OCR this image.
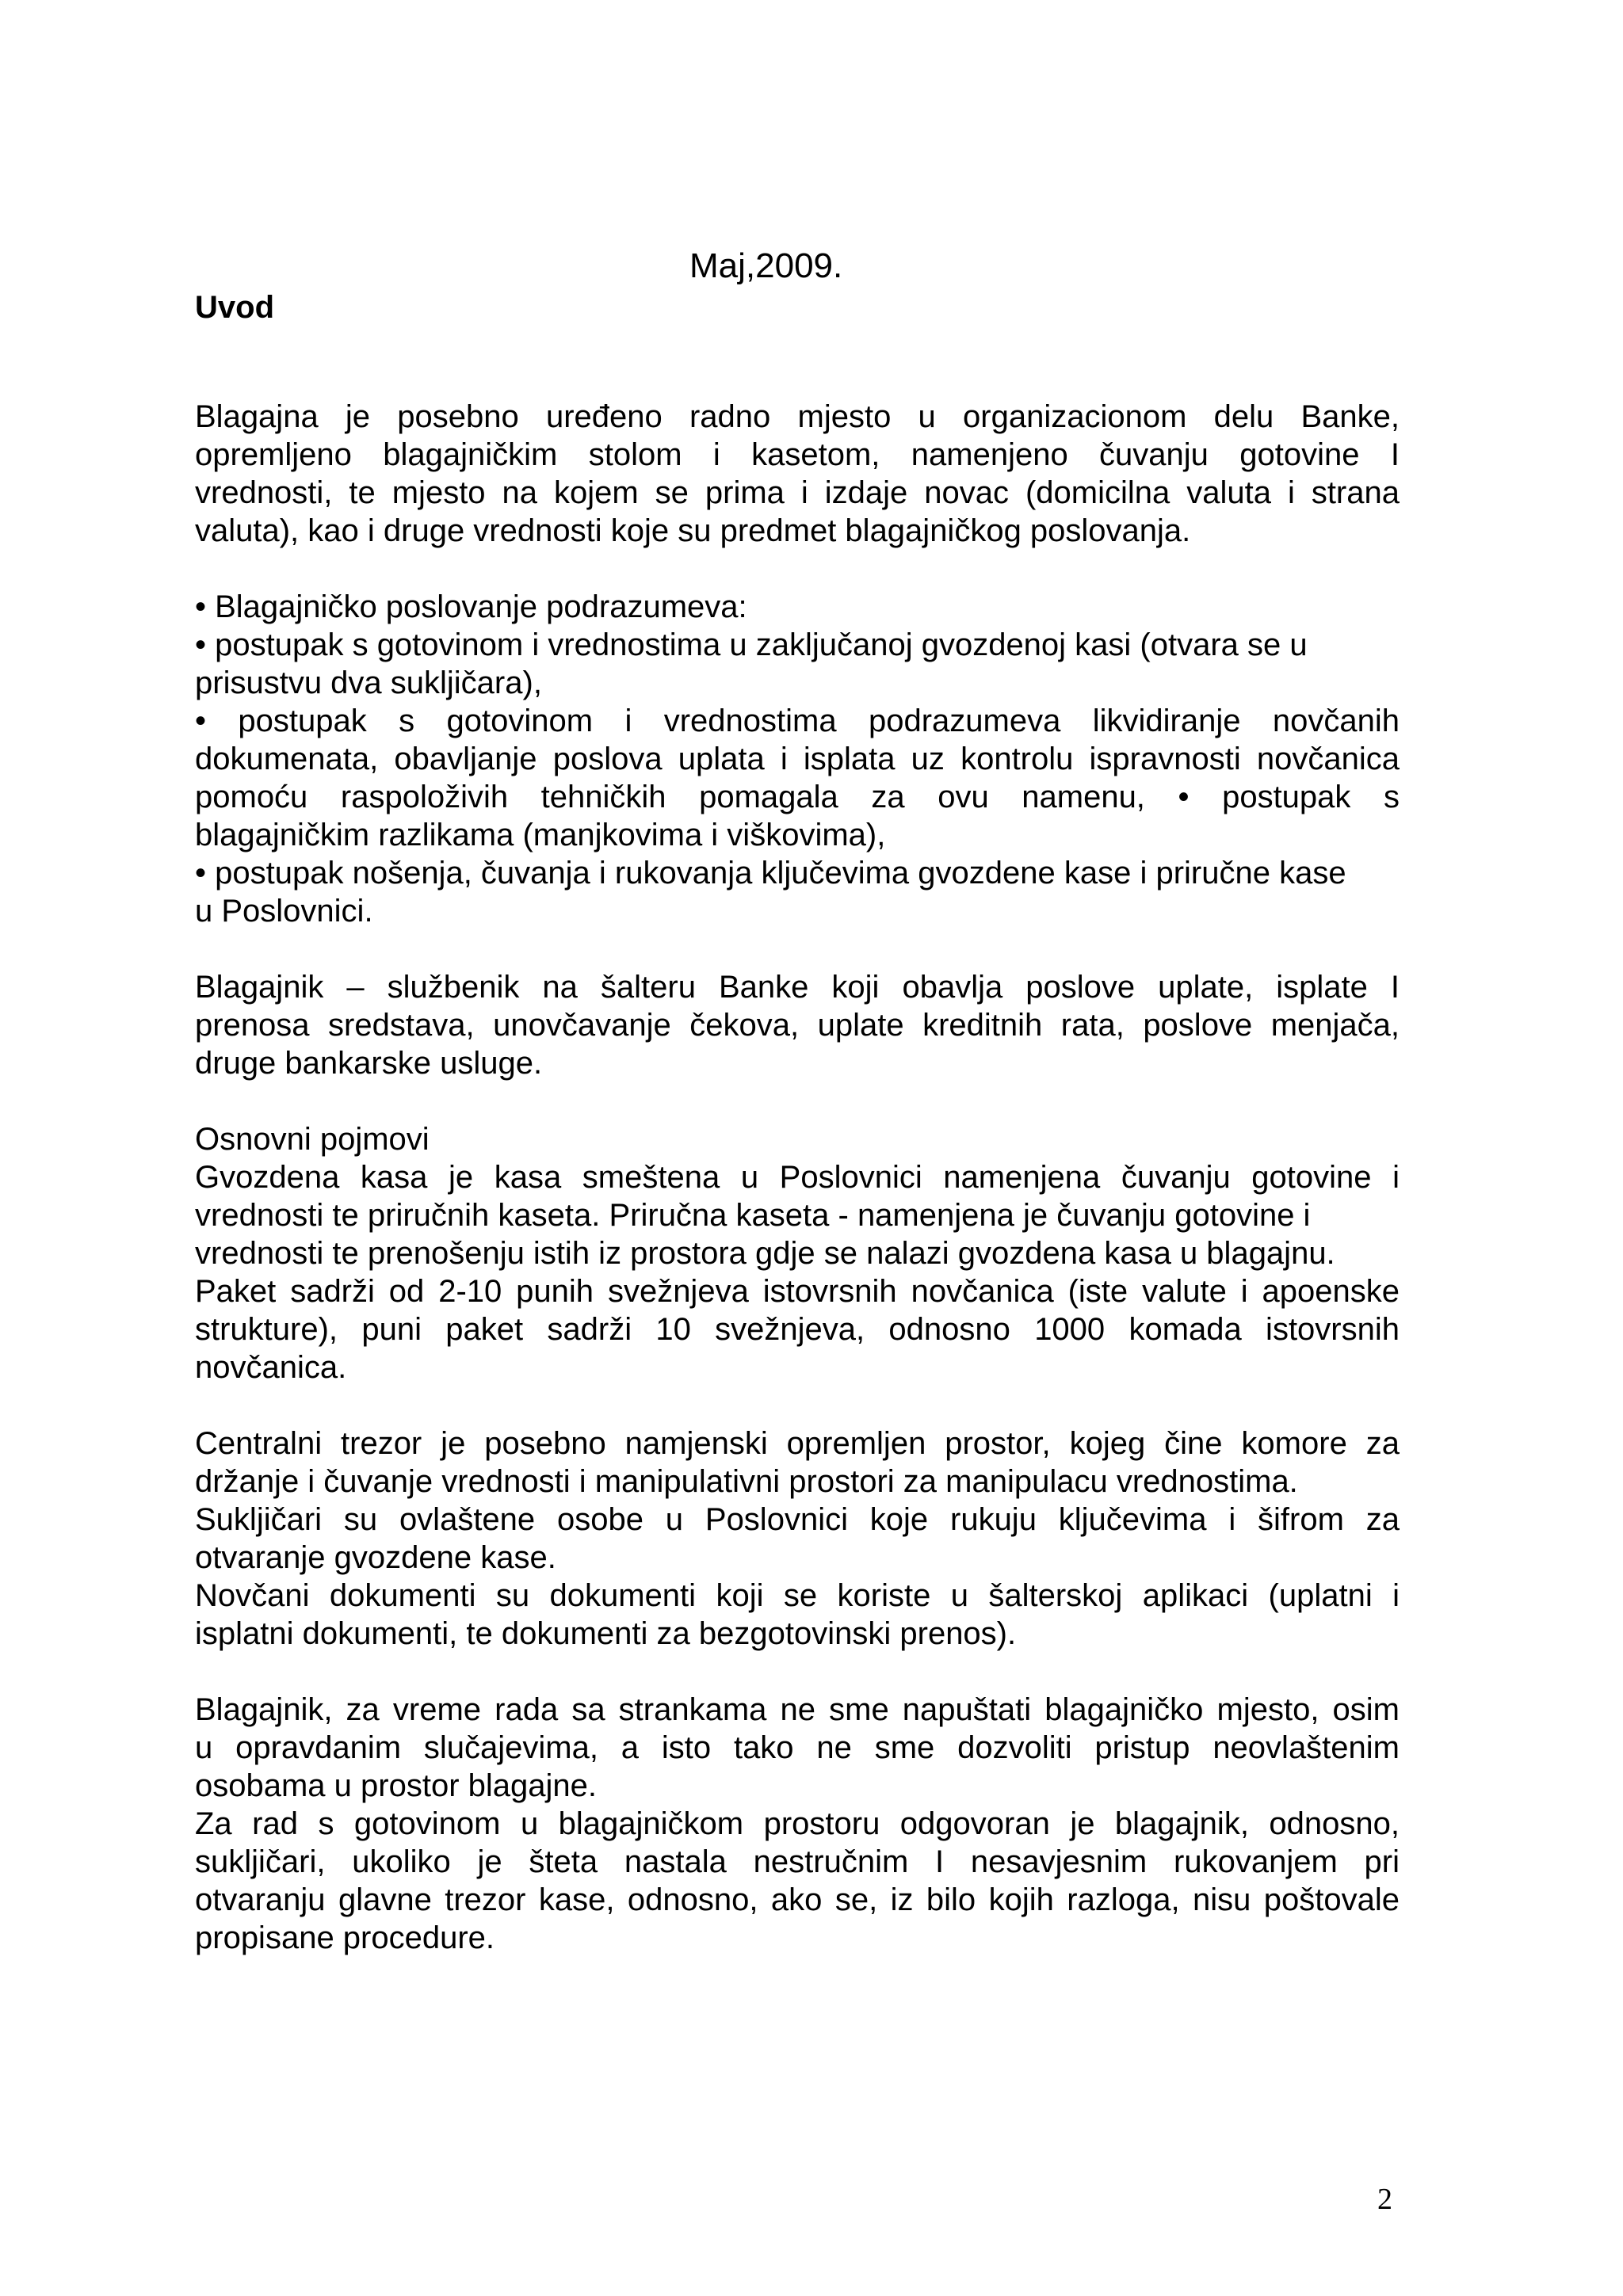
Maj,2009.
Uvod
Blagajna je posebno uređeno radno mjesto u organizacionom delu Banke,
opremljeno blagajničkim stolom i kasetom, namenjeno čuvanju gotovine I
vrednosti, te mjesto na kojem se prima i izdaje novac (domicilna valuta i strana
valuta), kao i druge vrednosti koje su predmet blagajničkog poslovanja.
• Blagajničko poslovanje podrazumeva:
• postupak s gotovinom i vrednostima u zaključanoj gvozdenoj kasi (otvara se u
prisustvu dva sukljičara),
• postupak s gotovinom i vrednostima podrazumeva likvidiranje novčanih
dokumenata, obavljanje poslova uplata i isplata uz kontrolu ispravnosti novčanica
pomoću raspoloživih tehničkih pomagala za ovu namenu, • postupak s
blagajničkim razlikama (manjkovima i viškovima),
• postupak nošenja, čuvanja i rukovanja ključevima gvozdene kase i priručne kase
u Poslovnici.
Blagajnik – službenik na šalteru Banke koji obavlja poslove uplate, isplate I
prenosa sredstava, unovčavanje čekova, uplate kreditnih rata, poslove menjača,
druge bankarske usluge.
Osnovni pojmovi
Gvozdena kasa je kasa smeštena u Poslovnici namenjena čuvanju gotovine i
vrednosti te priručnih kaseta. Priručna kaseta - namenjena je čuvanju gotovine i
vrednosti te prenošenju istih iz prostora gdje se nalazi gvozdena kasa u blagajnu.
Paket sadrži od 2-10 punih svežnjeva istovrsnih novčanica (iste valute i apoenske
strukture), puni paket sadrži 10 svežnjeva, odnosno 1000 komada istovrsnih
novčanica.
Centralni trezor je posebno namjenski opremljen prostor, kojeg čine komore za
držanje i čuvanje vrednosti i manipulativni prostori za manipulacu vrednostima.
Sukljičari su ovlaštene osobe u Poslovnici koje rukuju ključevima i šifrom za
otvaranje gvozdene kase.
Novčani dokumenti su dokumenti koji se koriste u šalterskoj aplikaci (uplatni i
isplatni dokumenti, te dokumenti za bezgotovinski prenos).
Blagajnik, za vreme rada sa strankama ne sme napuštati blagajničko mjesto, osim
u opravdanim slučajevima, a isto tako ne sme dozvoliti pristup neovlaštenim
osobama u prostor blagajne.
Za rad s gotovinom u blagajničkom prostoru odgovoran je blagajnik, odnosno,
sukljičari, ukoliko je šteta nastala nestručnim I nesavjesnim rukovanjem pri
otvaranju glavne trezor kase, odnosno, ako se, iz bilo kojih razloga, nisu poštovale
propisane procedure.
2
